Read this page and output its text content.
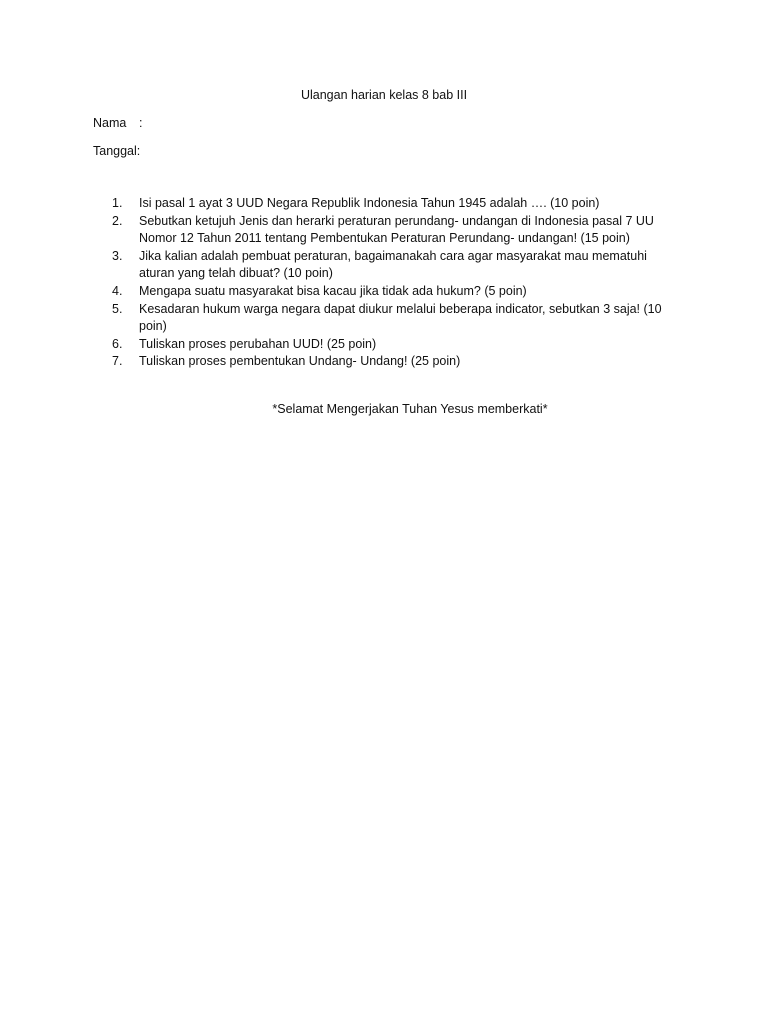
Ulangan harian kelas 8 bab III
Nama :
Tanggal:
1.	Isi pasal 1 ayat 3 UUD Negara Republik Indonesia Tahun 1945 adalah …. (10 poin)
2.	Sebutkan ketujuh Jenis dan herarki peraturan perundang- undangan di Indonesia pasal 7 UU Nomor 12 Tahun 2011 tentang Pembentukan Peraturan Perundang- undangan! (15 poin)
3.	Jika kalian adalah pembuat peraturan, bagaimanakah cara agar masyarakat mau mematuhi aturan yang telah dibuat? (10 poin)
4.	Mengapa suatu masyarakat bisa kacau jika tidak ada hukum? (5 poin)
5.	Kesadaran hukum warga negara dapat diukur melalui beberapa indicator, sebutkan 3 saja! (10 poin)
6.	Tuliskan proses perubahan UUD! (25 poin)
7.	Tuliskan proses pembentukan Undang- Undang! (25 poin)
*Selamat Mengerjakan Tuhan Yesus memberkati*
